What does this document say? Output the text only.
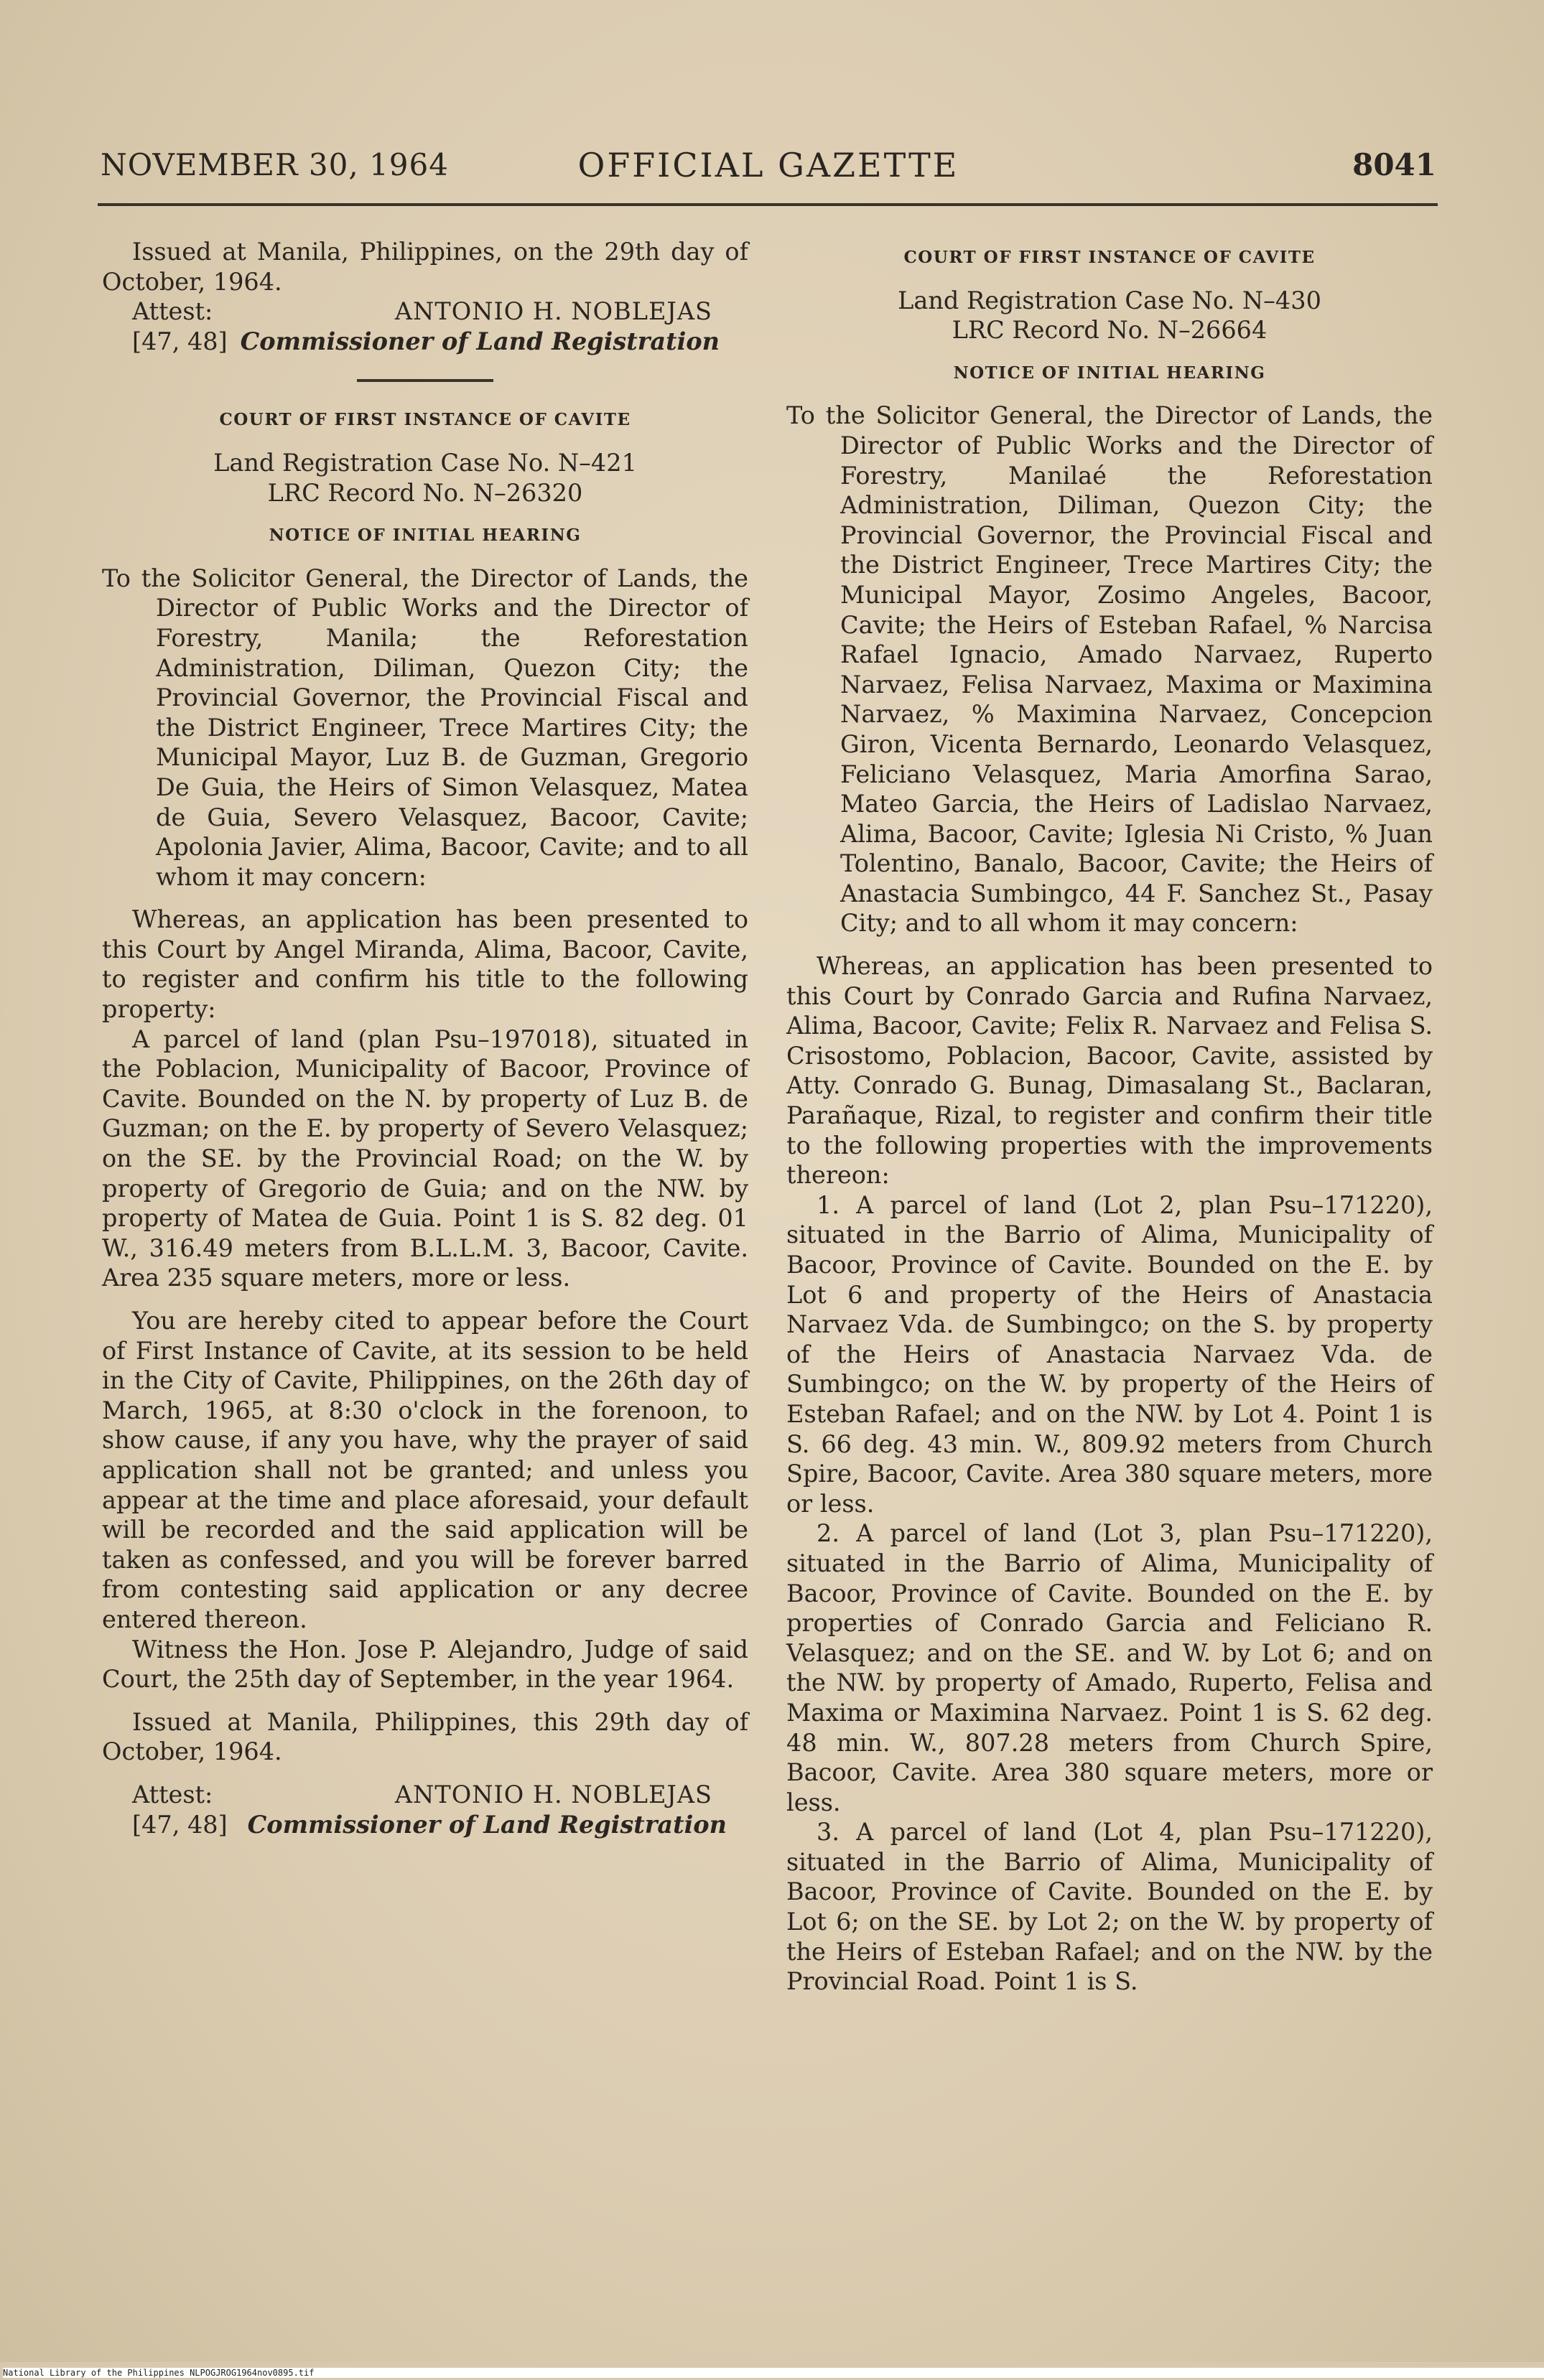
NOVEMBER 30, 1964	OFFICIAL GAZETTE	8041

Issued at Manila, Philippines, on the 29th day of October, 1964.

Attest:	ANTONIO H. NOBLEJAS
[47, 48] Commissioner of Land Registration

COURT OF FIRST INSTANCE OF CAVITE

Land Registration Case No. N–421

LRC Record No. N–26320

NOTICE OF INITIAL HEARING

To the Solicitor General, the Director of Lands, the Director of Public Works and the Director of Forestry, Manila; the Reforestation Administration, Diliman, Quezon City; the Provincial Governor, the Provincial Fiscal and the District Engineer, Trece Martires City; the Municipal Mayor, Luz B. de Guzman, Gregorio De Guia, the Heirs of Simon Velasquez, Matea de Guia, Severo Velasquez, Bacoor, Cavite; Apolonia Javier, Alima, Bacoor, Cavite; and to all whom it may concern:

Whereas, an application has been presented to this Court by Angel Miranda, Alima, Bacoor, Cavite, to register and confirm his title to the following property:

A parcel of land (plan Psu–197018), situated in the Poblacion, Municipality of Bacoor, Province of Cavite. Bounded on the N. by property of Luz B. de Guzman; on the E. by property of Severo Velasquez; on the SE. by the Provincial Road; on the W. by property of Gregorio de Guia; and on the NW. by property of Matea de Guia. Point 1 is S. 82 deg. 01 W., 316.49 meters from B.L.L.M. 3, Bacoor, Cavite. Area 235 square meters, more or less.

You are hereby cited to appear before the Court of First Instance of Cavite, at its session to be held in the City of Cavite, Philippines, on the 26th day of March, 1965, at 8:30 o'clock in the forenoon, to show cause, if any you have, why the prayer of said application shall not be granted; and unless you appear at the time and place aforesaid, your default will be recorded and the said application will be taken as confessed, and you will be forever barred from contesting said application or any decree entered thereon.

Witness the Hon. Jose P. Alejandro, Judge of said Court, the 25th day of September, in the year 1964.

Issued at Manila, Philippines, this 29th day of October, 1964.

Attest:	ANTONIO H. NOBLEJAS
[47, 48] Commissioner of Land Registration

COURT OF FIRST INSTANCE OF CAVITE

Land Registration Case No. N–430

LRC Record No. N–26664

NOTICE OF INITIAL HEARING

To the Solicitor General, the Director of Lands, the Director of Public Works and the Director of Forestry, Manilaé the Reforestation Administration, Diliman, Quezon City; the Provincial Governor, the Provincial Fiscal and the District Engineer, Trece Martires City; the Municipal Mayor, Zosimo Angeles, Bacoor, Cavite; the Heirs of Esteban Rafael, % Narcisa Rafael Ignacio, Amado Narvaez, Ruperto Narvaez, Felisa Narvaez, Maxima or Maximina Narvaez, % Maximina Narvaez, Concepcion Giron, Vicenta Bernardo, Leonardo Velasquez, Feliciano Velasquez, Maria Amorfina Sarao, Mateo Garcia, the Heirs of Ladislao Narvaez, Alima, Bacoor, Cavite; Iglesia Ni Cristo, % Juan Tolentino, Banalo, Bacoor, Cavite; the Heirs of Anastacia Sumbingco, 44 F. Sanchez St., Pasay City; and to all whom it may concern:

Whereas, an application has been presented to this Court by Conrado Garcia and Rufina Narvaez, Alima, Bacoor, Cavite; Felix R. Narvaez and Felisa S. Crisostomo, Poblacion, Bacoor, Cavite, assisted by Atty. Conrado G. Bunag, Dimasalang St., Baclaran, Parañaque, Rizal, to register and confirm their title to the following properties with the improvements thereon:

1. A parcel of land (Lot 2, plan Psu–171220), situated in the Barrio of Alima, Municipality of Bacoor, Province of Cavite. Bounded on the E. by Lot 6 and property of the Heirs of Anastacia Narvaez Vda. de Sumbingco; on the S. by property of the Heirs of Anastacia Narvaez Vda. de Sumbingco; on the W. by property of the Heirs of Esteban Rafael; and on the NW. by Lot 4. Point 1 is S. 66 deg. 43 min. W., 809.92 meters from Church Spire, Bacoor, Cavite. Area 380 square meters, more or less.

2. A parcel of land (Lot 3, plan Psu–171220), situated in the Barrio of Alima, Municipality of Bacoor, Province of Cavite. Bounded on the E. by properties of Conrado Garcia and Feliciano R. Velasquez; and on the SE. and W. by Lot 6; and on the NW. by property of Amado, Ruperto, Felisa and Maxima or Maximina Narvaez. Point 1 is S. 62 deg. 48 min. W., 807.28 meters from Church Spire, Bacoor, Cavite. Area 380 square meters, more or less.

3. A parcel of land (Lot 4, plan Psu–171220), situated in the Barrio of Alima, Municipality of Bacoor, Province of Cavite. Bounded on the E. by Lot 6; on the SE. by Lot 2; on the W. by property of the Heirs of Esteban Rafael; and on the NW. by the Provincial Road. Point 1 is S.

National Library of the Philippines NLPOGJROG1964nov0895.tif
